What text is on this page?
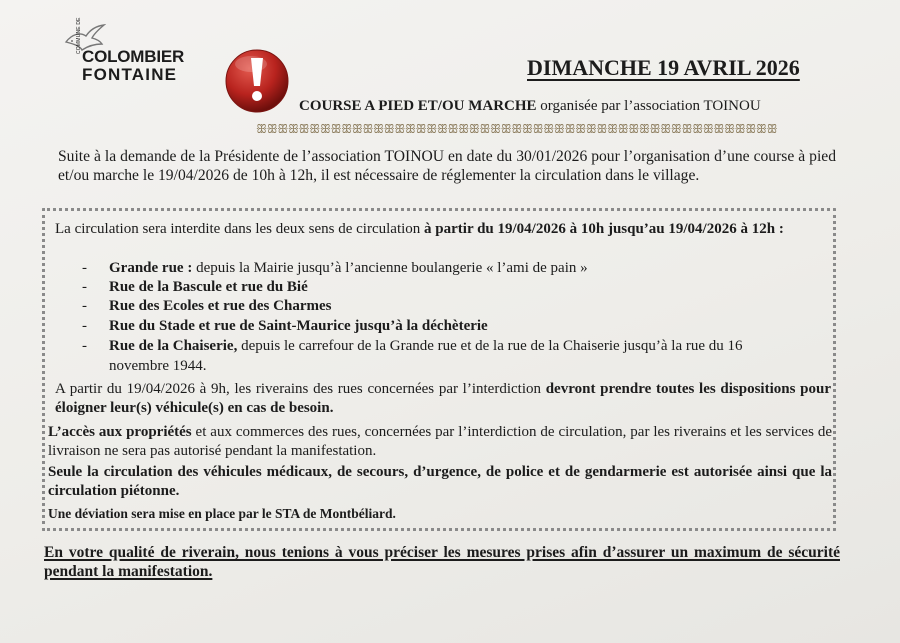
COMMUNE DE
COLOMBIER
FONTAINE	DIMANCHE 19 AVRIL 2026
COURSE A PIED ET/OU MARCHE organisée par l’association TOINOU
ꕥꕥꕥꕥꕥꕥꕥꕥꕥꕥꕥꕥꕥꕥꕥꕥꕥꕥꕥꕥꕥꕥꕥꕥꕥꕥꕥꕥꕥꕥꕥꕥꕥꕥꕥꕥꕥꕥꕥꕥꕥꕥꕥꕥꕥꕥꕥꕥꕥ
Suite à la demande de la Présidente de l’association TOINOU en date du 30/01/2026 pour l’organisation d’une course à pied et/ou marche le 19/04/2026 de 10h à 12h, il est nécessaire de réglementer la circulation dans le village.
La circulation sera interdite dans les deux sens de circulation à partir du 19/04/2026 à 10h jusqu’au 19/04/2026 à 12h :
- Grande rue : depuis la Mairie jusqu’à l’ancienne boulangerie « l’ami de pain »
- Rue de la Bascule et rue du Bié
- Rue des Ecoles et rue des Charmes
- Rue du Stade et rue de Saint-Maurice jusqu’à la déchèterie
- Rue de la Chaiserie, depuis le carrefour de la Grande rue et de la rue de la Chaiserie jusqu’à la rue du 16
novembre 1944.
A partir du 19/04/2026 à 9h, les riverains des rues concernées par l’interdiction devront prendre toutes les dispositions pour éloigner leur(s) véhicule(s) en cas de besoin.
L’accès aux propriétés et aux commerces des rues, concernées par l’interdiction de circulation, par les riverains et les services de livraison ne sera pas autorisé pendant la manifestation.
Seule la circulation des véhicules médicaux, de secours, d’urgence, de police et de gendarmerie est autorisée ainsi que la circulation piétonne.
Une déviation sera mise en place par le STA de Montbéliard.
En votre qualité de riverain, nous tenions à vous préciser les mesures prises afin d’assurer un maximum de sécurité pendant la manifestation.
